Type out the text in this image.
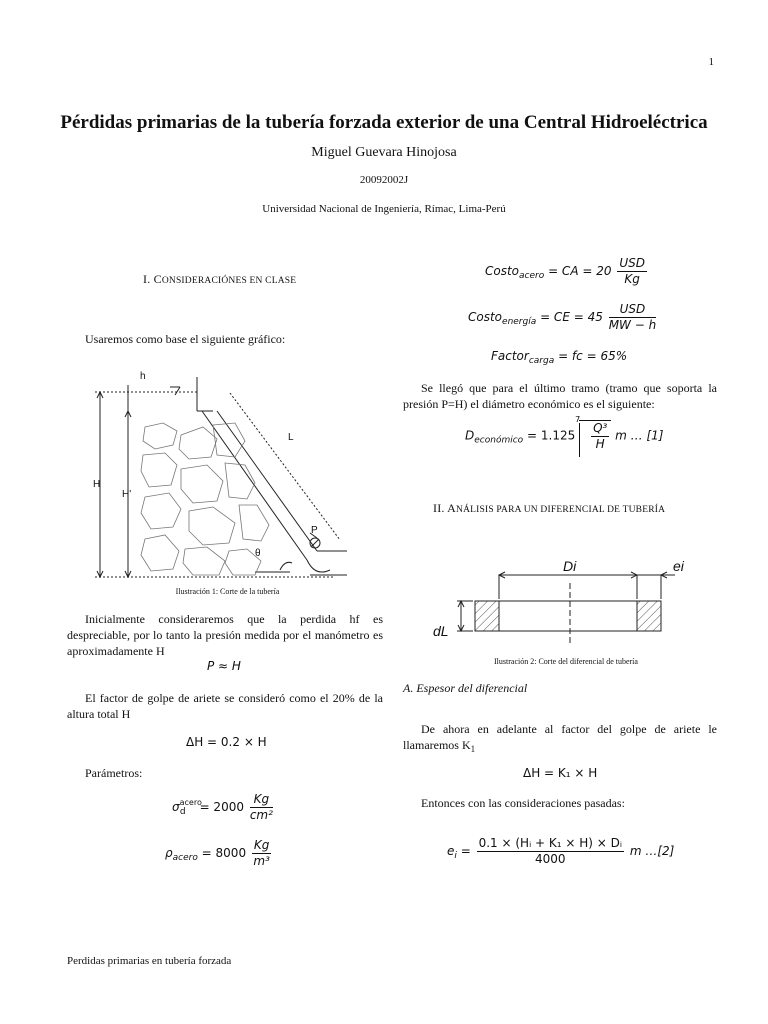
1
Pérdidas primarias de la tubería forzada exterior de una Central Hidroeléctrica
Miguel Guevara Hinojosa
20092002J
Universidad Nacional de Ingeniería, Rímac, Lima-Perú
I. CONSIDERACIÓNES EN CLASE
Usaremos como base el siguiente gráfico:
h
H
H'
L
P
θ
Ilustración 1: Corte de la tubería
Inicialmente consideraremos que la perdida hf es despreciable, por lo tanto la presión medida por el manómetro es aproximadamente H
P ≈ H
El factor de golpe de ariete se consideró como el 20% de la altura total H
ΔH = 0.2 × H
Parámetros:
$\sigma_{acerod} = 2000 \frac{Kg}{\text{cm²}}$
$\rho_{acero} = 8000 \frac{Kg}{\text{m³}}$
Costo$_{acero}$ = CA = $20 \frac{\text{USD}}{Kg}$
Costo$_{energía}$ = CE = $45 \frac{\text{USD}}{MW - h}$
Factor$_{carga}$ = fc = 65%
Se llegó que para el último tramo (tramo que soporta la presión P=H) el diámetro económico es el siguiente:
$D_{económico} = 1.125$
7
$\frac{\text{Q³}}{H}$ m … [1]
II. ANÁLISIS PARA UN DIFERENCIAL DE TUBERÍA
Di	ei
dL
Ilustración 2: Corte del diferencial de tubería
A. Espesor del diferencial
De ahora en adelante al factor del golpe de ariete le llamaremos $K_1$
ΔH = K₁ × H
Entonces con las consideraciones pasadas:
$e_i = \frac{\text{0.1 × (Hᵢ + K₁ × H) × Dᵢ}}{4000}$ m …[2]
Perdidas primarias en tubería forzada
